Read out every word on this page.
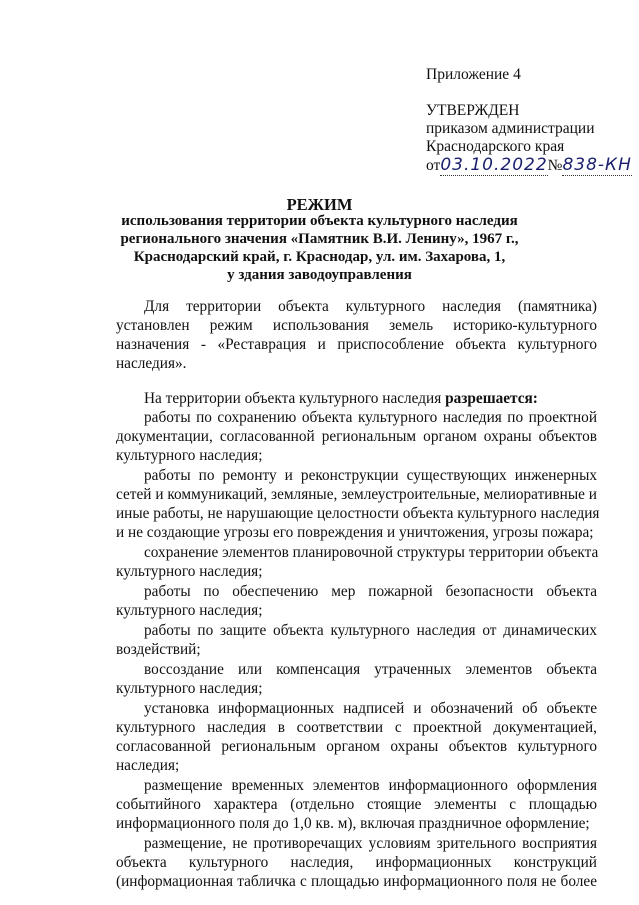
Приложение 4
УТВЕРЖДЕН
приказом администрации
Краснодарского края
от03.10.2022№838-КН
РЕЖИМ
использования территории объекта культурного наследия
регионального значения «Памятник В.И. Ленину», 1967 г.,
Краснодарский край, г. Краснодар, ул. им. Захарова, 1,
у здания заводоуправления
Для территории объекта культурного наследия (памятника)
установлен режим использования земель историко-культурного
назначения - «Реставрация и приспособление объекта культурного
наследия».
На территории объекта культурного наследия разрешается:
работы по сохранению объекта культурного наследия по проектной
документации, согласованной региональным органом охраны объектов
культурного наследия;
работы по ремонту и реконструкции существующих инженерных
сетей и коммуникаций, земляные, землеустроительные, мелиоративные и
иные работы, не нарушающие целостности объекта культурного наследия
и не создающие угрозы его повреждения и уничтожения, угрозы пожара;
сохранение элементов планировочной структуры территории объекта
культурного наследия;
работы по обеспечению мер пожарной безопасности объекта
культурного наследия;
работы по защите объекта культурного наследия от динамических
воздействий;
воссоздание или компенсация утраченных элементов объекта
культурного наследия;
установка информационных надписей и обозначений об объекте
культурного наследия в соответствии с проектной документацией,
согласованной региональным органом охраны объектов культурного
наследия;
размещение временных элементов информационного оформления
событийного характера (отдельно стоящие элементы с площадью
информационного поля до 1,0 кв. м), включая праздничное оформление;
размещение, не противоречащих условиям зрительного восприятия
объекта культурного наследия, информационных конструкций
(информационная табличка с площадью информационного поля не более
